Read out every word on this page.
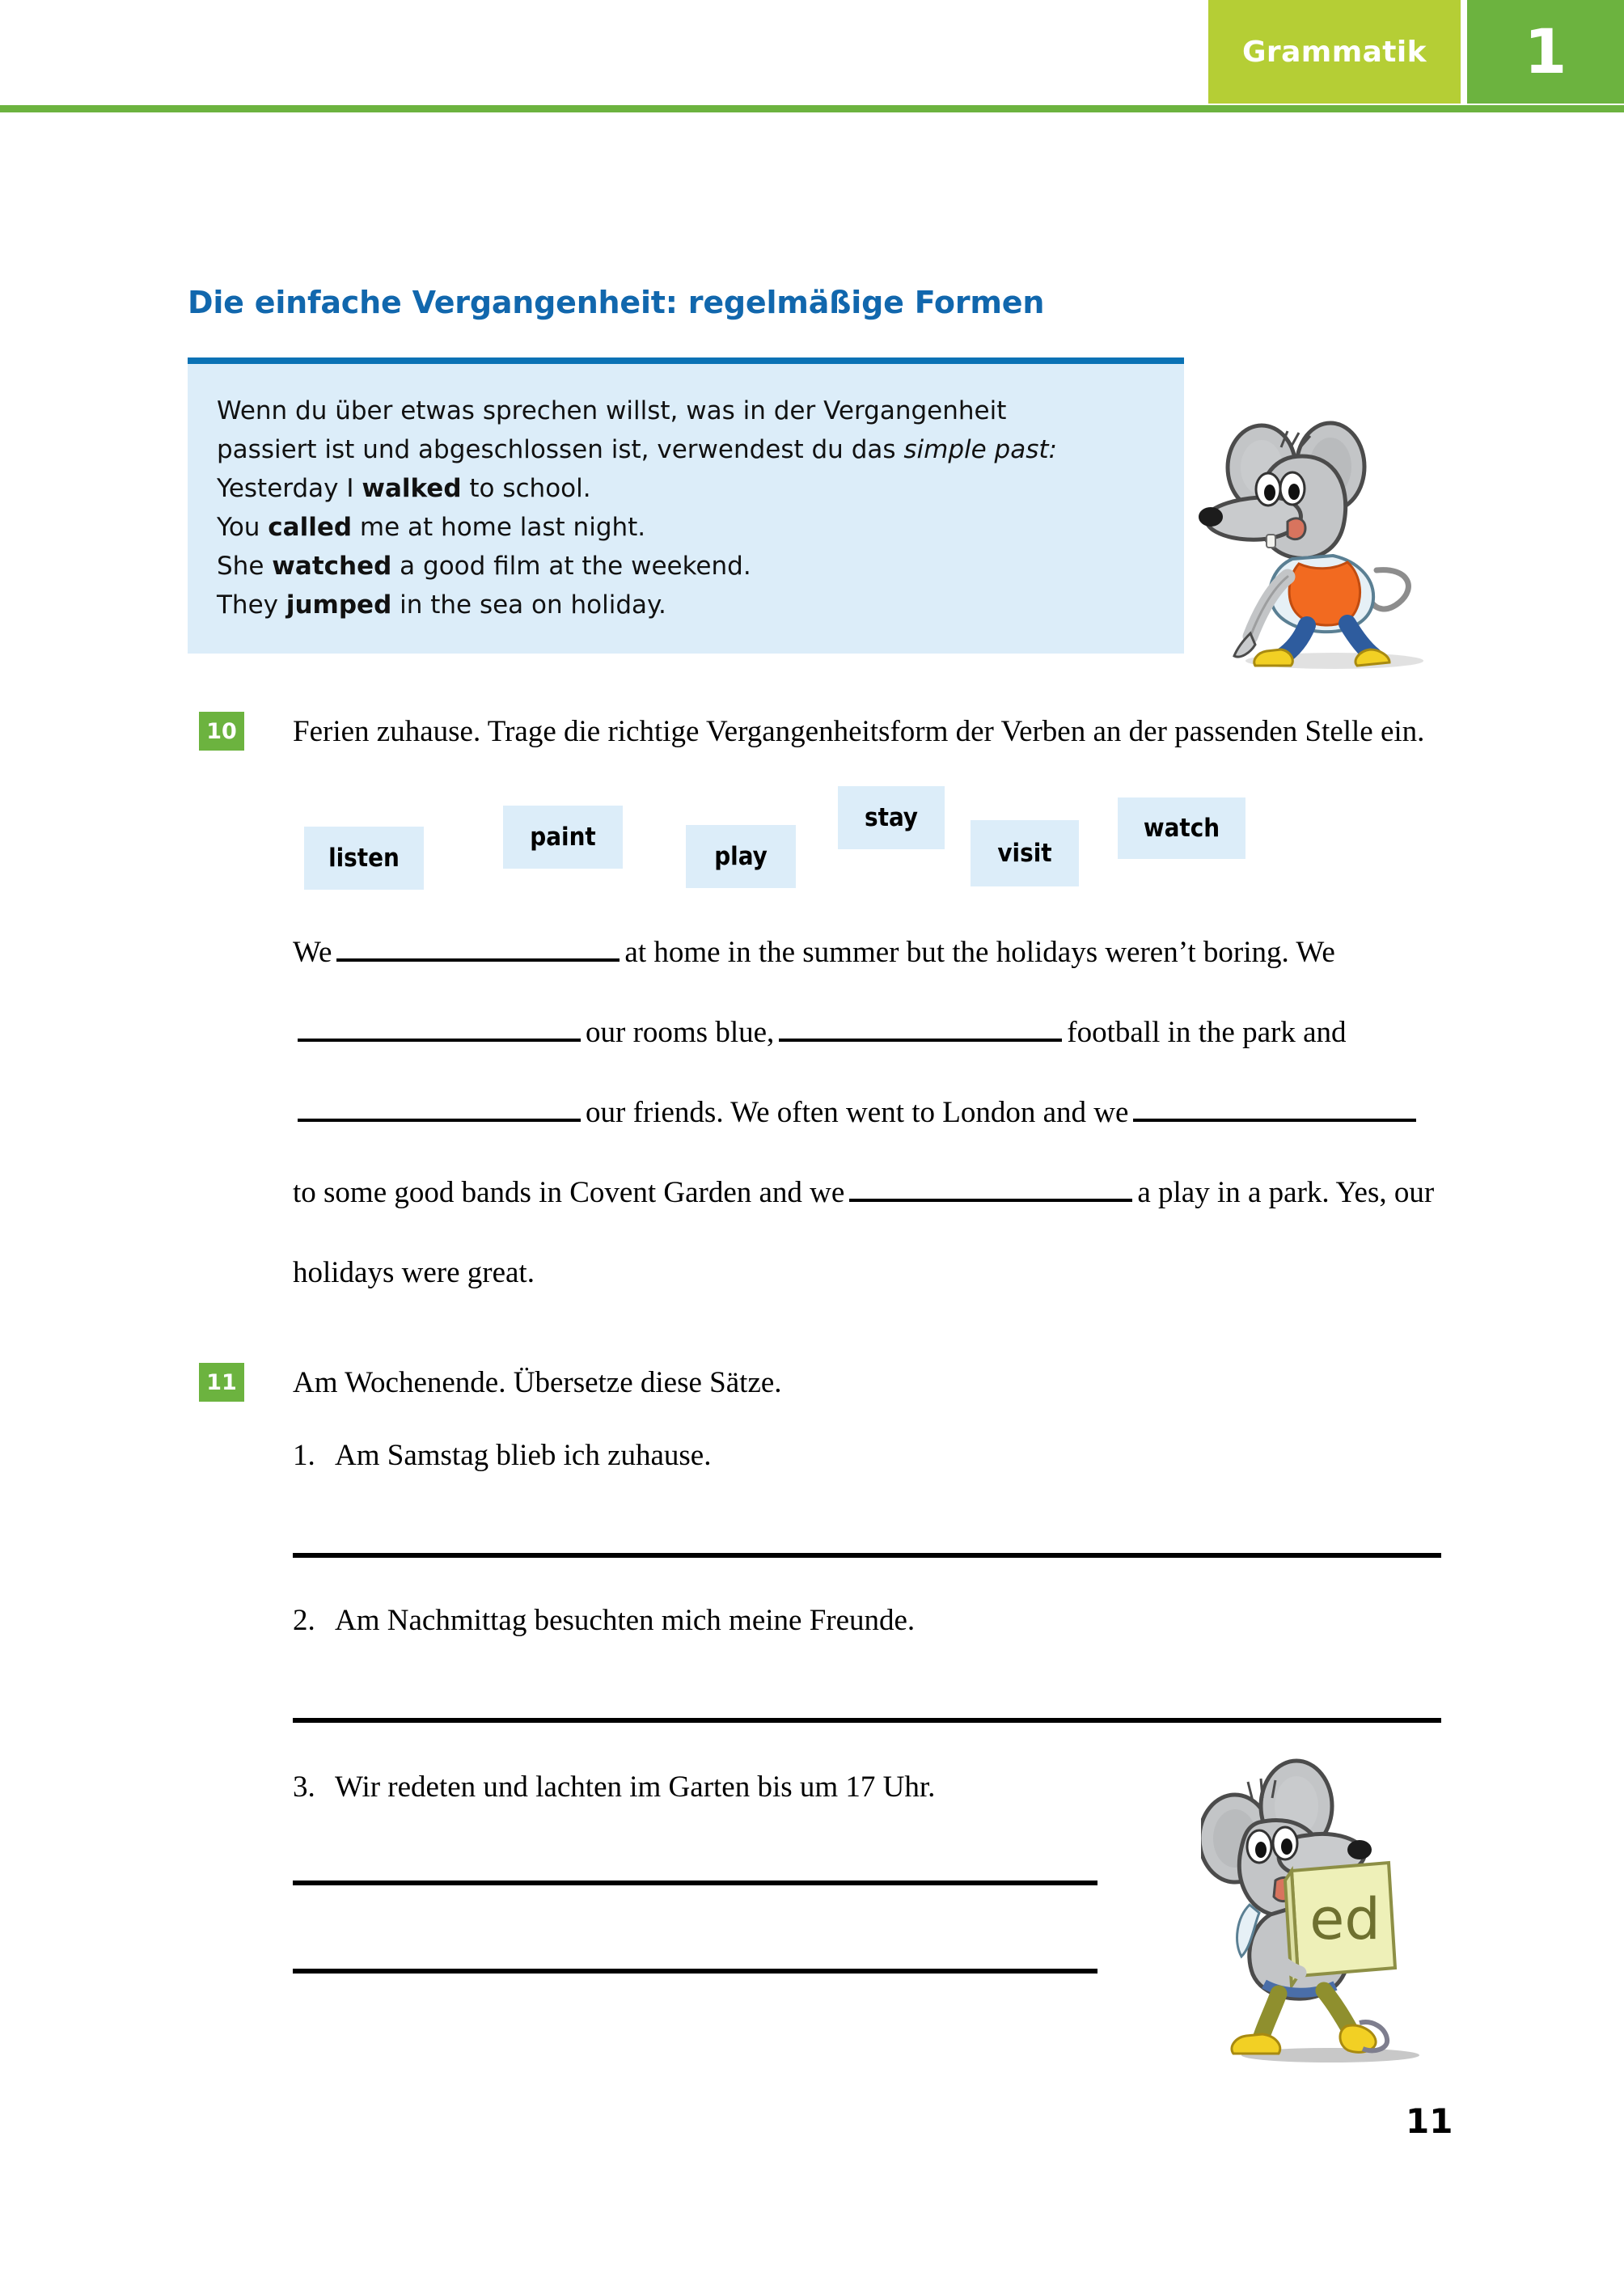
Grammatik 1
Die einfache Vergangenheit: regelmäßige Formen
Wenn du über etwas sprechen willst, was in der Vergangenheit
passiert ist und abgeschlossen ist, verwendest du das simple past:
Yesterday I walked to school.
You called me at home last night.
She watched a good film at the weekend.
They jumped in the sea on holiday.
10 Ferien zuhause. Trage die richtige Vergangenheitsform der Verben an der passenden Stelle ein.
listen
paint
play
stay
visit
watch
We	at home in the summer but the holidays weren’t boring. Weour rooms blue,	football in the park andour friends. We often went to London and weto some good bands in Covent Garden and we	a play in a park. Yes, our holidays were great.
11 Am Wochenende. Übersetze diese Sätze.
1. Am Samstag blieb ich zuhause.
2. Am Nachmittag besuchten mich meine Freunde.
3. Wir redeten und lachten im Garten bis um 17 Uhr.
ed
11
